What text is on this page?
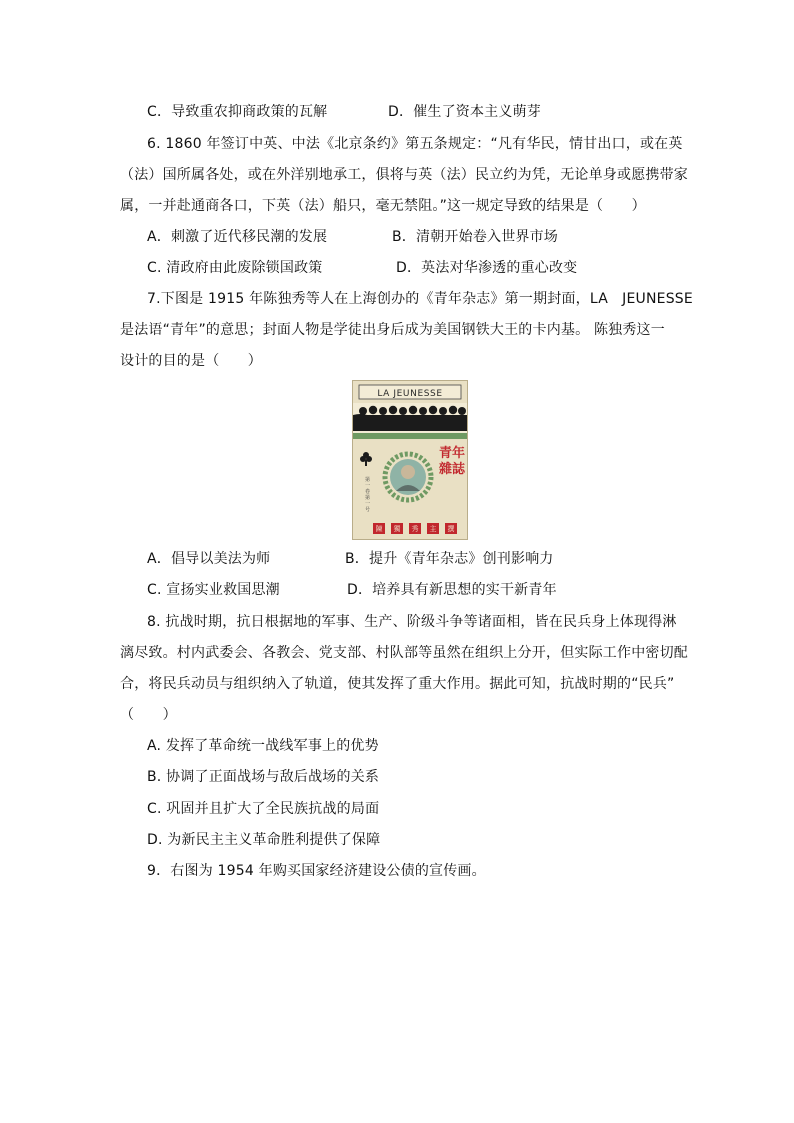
C．导致重农抑商政策的瓦解	D．催生了资本主义萌芽
6. 1860 年签订中英、中法《北京条约》第五条规定：“凡有华民，情甘出口，或在英
（法）国所属各处，或在外洋别地承工，俱将与英（法）民立约为凭，无论单身或愿携带家
属，一并赴通商各口，下英（法）船只，毫无禁阻。”这一规定导致的结果是（　　）
A．刺激了近代移民潮的发展	B．清朝开始卷入世界市场
C. 清政府由此废除锁国政策	D．英法对华渗透的重心改变
7.下图是 1915 年陈独秀等人在上海创办的《青年杂志》第一期封面，LA　JEUNESSE
是法语“青年”的意思；封面人物是学徒出身后成为美国钢铁大王的卡内基。 陈独秀这一
设计的目的是（　　）
LA JEUNESSE
第
一
卷
第
一
号
青 年
雜 誌
陳 獨 秀 主 撰
A．倡导以美法为师	B．提升《青年杂志》创刊影响力
C. 宣扬实业救国思潮	D．培养具有新思想的实干新青年
8. 抗战时期，抗日根据地的军事、生产、阶级斗争等诸面相，皆在民兵身上体现得淋
漓尽致。村内武委会、各教会、党支部、村队部等虽然在组织上分开，但实际工作中密切配
合，将民兵动员与组织纳入了轨道，使其发挥了重大作用。据此可知，抗战时期的“民兵”
（　　）
A. 发挥了革命统一战线军事上的优势
B. 协调了正面战场与敌后战场的关系
C. 巩固并且扩大了全民族抗战的局面
D. 为新民主主义革命胜利提供了保障
9．右图为 1954 年购买国家经济建设公债的宣传画。
